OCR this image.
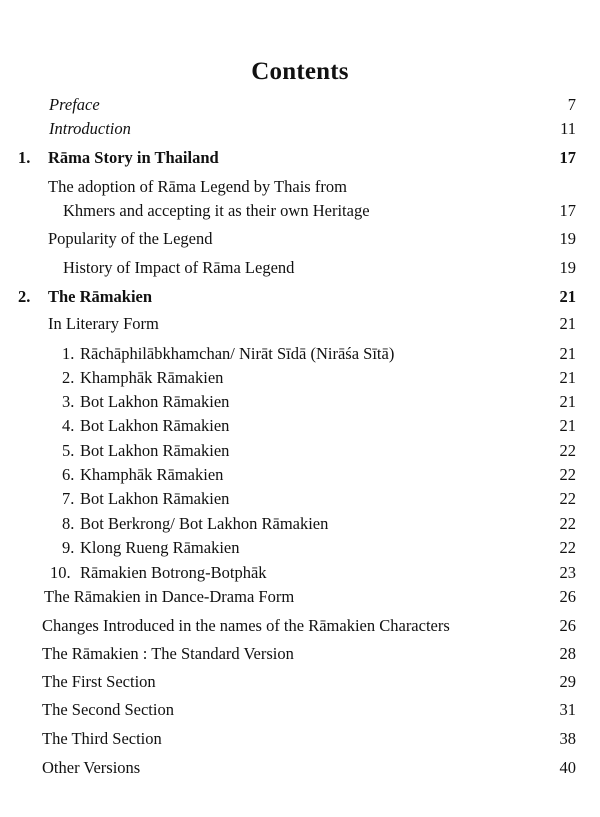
Contents
Preface	7
Introduction	11
1. Rāma Story in Thailand	17
The adoption of Rāma Legend by Thais from
Khmers and accepting it as their own Heritage	17
Popularity of the Legend	19
History of Impact of Rāma Legend	19
2. The Rāmakien	21
In Literary Form	21
1. Rāchāphilābkhamchan/ Nirāt Sīdā (Nirāśa Sītā)	21
2. Khamphāk Rāmakien	21
3. Bot Lakhon Rāmakien	21
4. Bot Lakhon Rāmakien	21
5. Bot Lakhon Rāmakien	22
6. Khamphāk Rāmakien	22
7. Bot Lakhon Rāmakien	22
8. Bot Berkrong/ Bot Lakhon Rāmakien	22
9. Klong Rueng Rāmakien	22
10. Rāmakien Botrong-Botphāk	23
The Rāmakien in Dance-Drama Form	26
Changes Introduced in the names of the Rāmakien Characters	26
The Rāmakien : The Standard Version	28
The First Section	29
The Second Section	31
The Third Section	38
Other Versions	40
